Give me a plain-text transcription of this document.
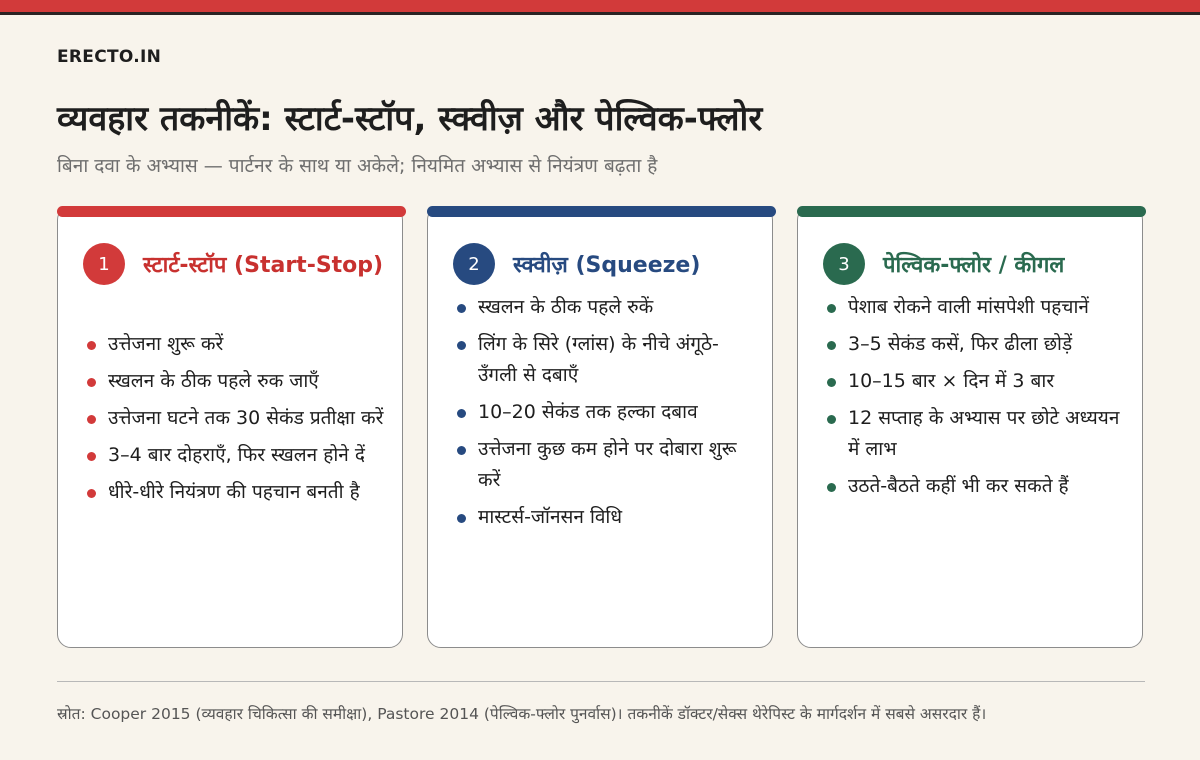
ERECTO.IN
व्यवहार तकनीकें: स्टार्ट-स्टॉप, स्क्वीज़ और पेल्विक-फ्लोर
बिना दवा के अभ्यास — पार्टनर के साथ या अकेले; नियमित अभ्यास से नियंत्रण बढ़ता है
1	स्टार्ट-स्टॉप (Start-Stop)
उत्तेजना शुरू करें
स्खलन के ठीक पहले रुक जाएँ
उत्तेजना घटने तक 30 सेकंड प्रतीक्षा करें
3–4 बार दोहराएँ, फिर स्खलन होने दें
धीरे-धीरे नियंत्रण की पहचान बनती है
2	स्क्वीज़ (Squeeze)
स्खलन के ठीक पहले रुकें
लिंग के सिरे (ग्लांस) के नीचे अंगूठे-उँगली से दबाएँ
10–20 सेकंड तक हल्का दबाव
उत्तेजना कुछ कम होने पर दोबारा शुरू करें
मास्टर्स-जॉनसन विधि
3	पेल्विक-फ्लोर / कीगल
पेशाब रोकने वाली मांसपेशी पहचानें
3–5 सेकंड कसें, फिर ढीला छोड़ें
10–15 बार × दिन में 3 बार
12 सप्ताह के अभ्यास पर छोटे अध्ययन में लाभ
उठते-बैठते कहीं भी कर सकते हैं
स्रोत: Cooper 2015 (व्यवहार चिकित्सा की समीक्षा), Pastore 2014 (पेल्विक-फ्लोर पुनर्वास)। तकनीकें डॉक्टर/सेक्स थेरेपिस्ट के मार्गदर्शन में सबसे असरदार हैं।
